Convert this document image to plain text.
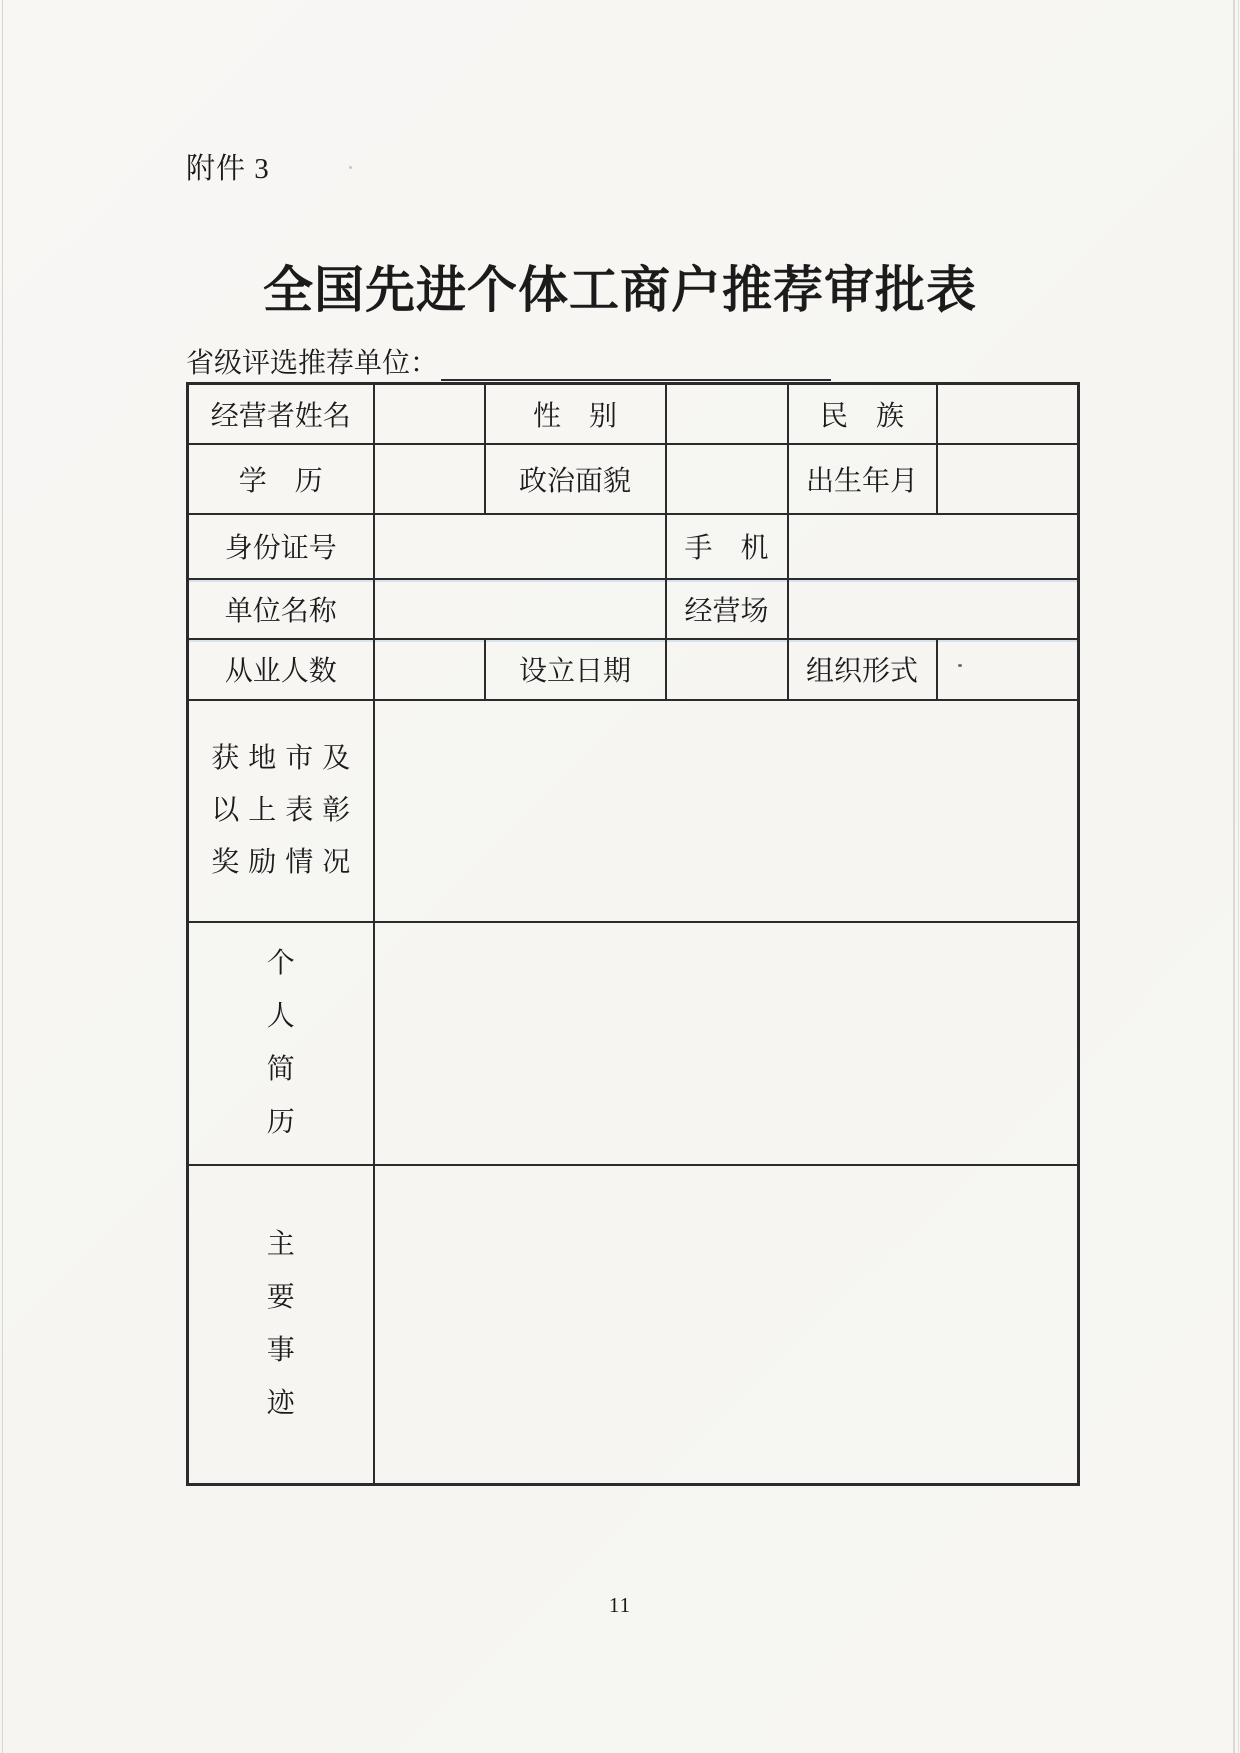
附件 3
全国先进个体工商户推荐审批表
省级评选推荐单位：
经营者姓名		性　别		民　族	
学　历		政治面貌		出生年月	
身份证号			手　机		
单位名称			经营场		
从业人数		设立日期		组织形式	

获地市及
以上表彰
奖励情况					

个
人
简
历					

主
要
事
迹					

11
